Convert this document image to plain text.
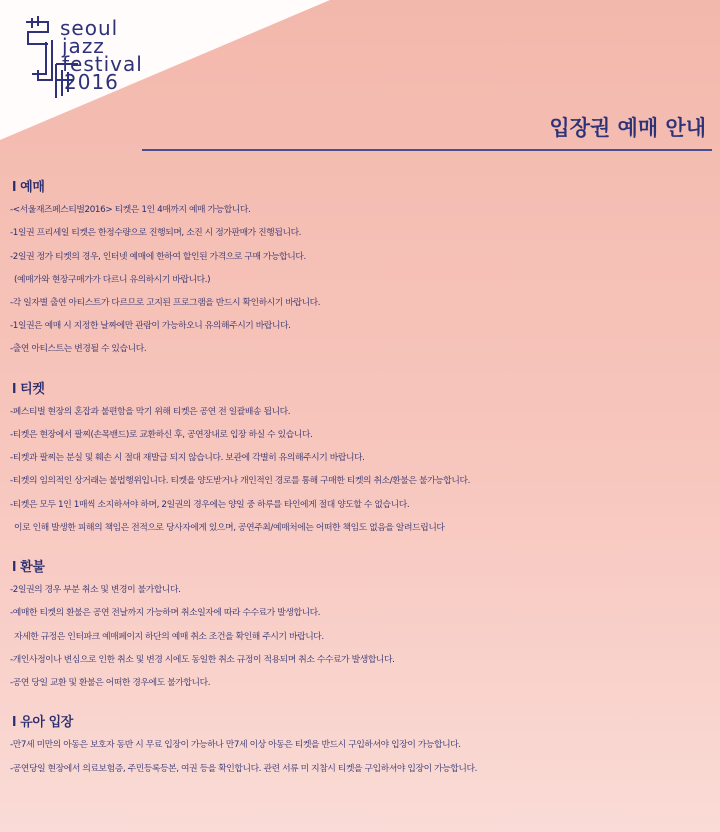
seoul
jazz
festival
2016
입장권 예매 안내
l 예매
-<서울재즈페스티벌2016> 티켓은 1인 4매까지 예매 가능합니다.
-1일권 프리세일 티켓은 한정수량으로 진행되며, 소진 시 정가판매가 진행됩니다.
-2일권 정가 티켓의 경우, 인터넷 예매에 한하여 할인된 가격으로 구매 가능합니다.
(예매가와 현장구매가가 다르니 유의하시기 바랍니다.)
-각 일자별 출연 아티스트가 다르므로 고지된 프로그램을 반드시 확인하시기 바랍니다.
-1일권은 예매 시 지정한 날짜에만 관람이 가능하오니 유의해주시기 바랍니다.
-출연 아티스트는 변경될 수 있습니다.
l 티켓
-페스티벌 현장의 혼잡과 불편함을 막기 위해 티켓은 공연 전 일괄배송 됩니다.
-티켓은 현장에서 팔찌(손목밴드)로 교환하신 후, 공연장내로 입장 하실 수 있습니다.
-티켓과 팔찌는 분실 및 훼손 시 절대 재발급 되지 않습니다. 보관에 각별히 유의해주시기 바랍니다.
-티켓의 임의적인 상거래는 불법행위입니다. 티켓을 양도받거나 개인적인 경로를 통해 구매한 티켓의 취소/환불은 불가능합니다.
-티켓은 모두 1인 1매씩 소지하셔야 하며, 2일권의 경우에는 양일 중 하루를 타인에게 절대 양도할 수 없습니다.
이로 인해 발생한 피해의 책임은 전적으로 당사자에게 있으며, 공연주최/예매처에는 어떠한 책임도 없음을 알려드립니다
l 환불
-2일권의 경우 부분 취소 및 변경이 불가합니다.
-예매한 티켓의 환불은 공연 전날까지 가능하며 취소일자에 따라 수수료가 발생합니다.
자세한 규정은 인터파크 예매페이지 하단의 예매 취소 조건을 확인해 주시기 바랍니다.
-개인사정이나 변심으로 인한 취소 및 변경 시에도 동일한 취소 규정이 적용되며 취소 수수료가 발생합니다.
-공연 당일 교환 및 환불은 어떠한 경우에도 불가합니다.
l 유아 입장
-만7세 미만의 아동은 보호자 동반 시 무료 입장이 가능하나 만7세 이상 아동은 티켓을 반드시 구입하셔야 입장이 가능합니다.
-공연당일 현장에서 의료보험증, 주민등록등본, 여권 등을 확인합니다. 관련 서류 미 지참시 티켓을 구입하셔야 입장이 가능합니다.
